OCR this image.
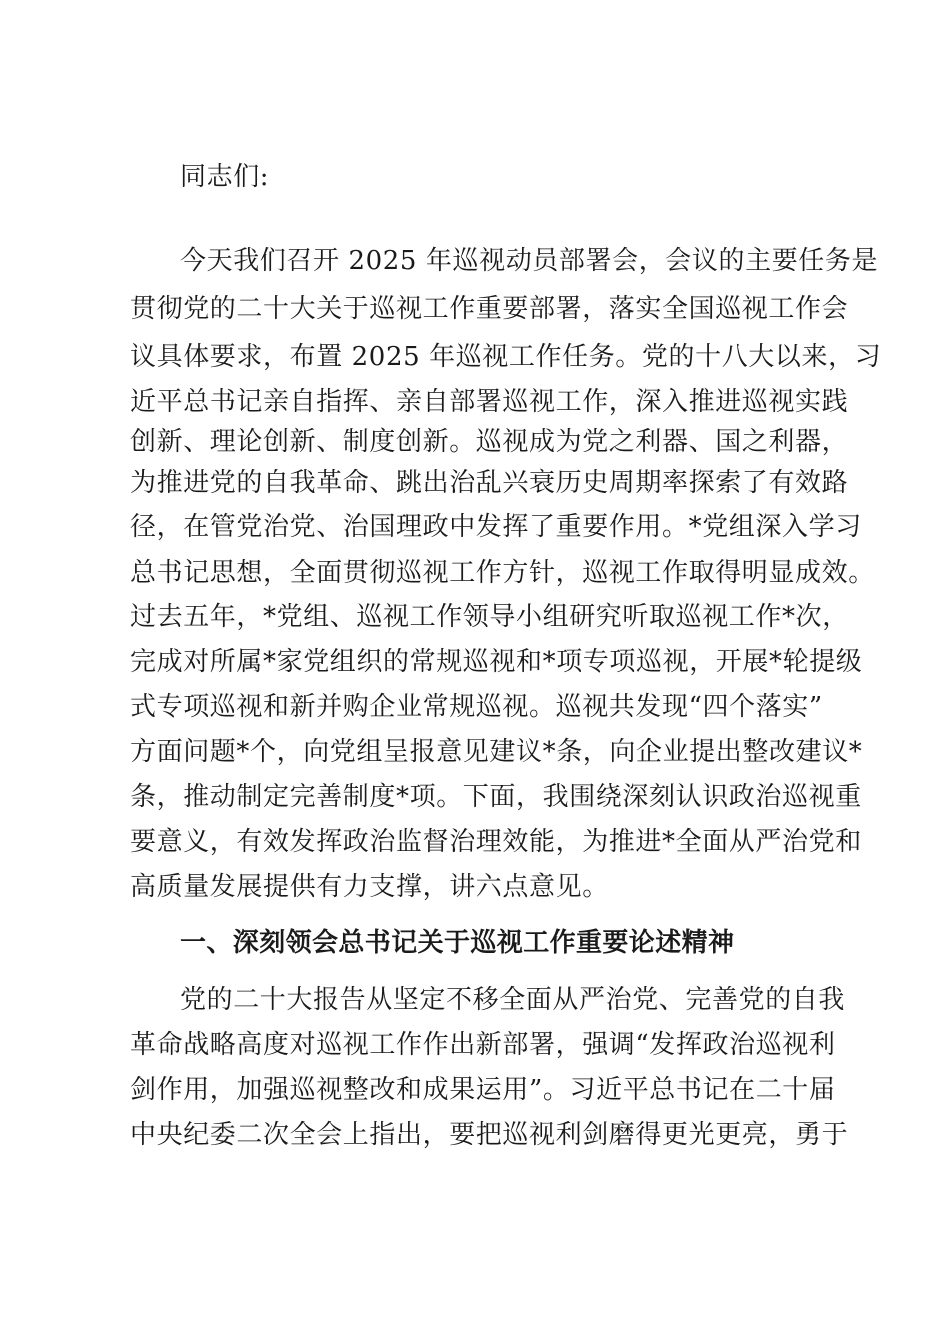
同志们:
今天我们召开 2025 年巡视动员部署会，会议的主要任务是
贯彻党的二十大关于巡视工作重要部署，落实全国巡视工作会
议具体要求，布置 2025 年巡视工作任务。党的十八大以来，习
近平总书记亲自指挥、亲自部署巡视工作，深入推进巡视实践
创新、理论创新、制度创新。巡视成为党之利器、国之利器，
为推进党的自我革命、跳出治乱兴衰历史周期率探索了有效路
径，在管党治党、治国理政中发挥了重要作用。*党组深入学习
总书记思想，全面贯彻巡视工作方针，巡视工作取得明显成效。
过去五年，*党组、巡视工作领导小组研究听取巡视工作*次，
完成对所属*家党组织的常规巡视和*项专项巡视，开展*轮提级
式专项巡视和新并购企业常规巡视。巡视共发现“四个落实”
方面问题*个，向党组呈报意见建议*条，向企业提出整改建议*
条，推动制定完善制度*项。下面，我围绕深刻认识政治巡视重
要意义，有效发挥政治监督治理效能，为推进*全面从严治党和
高质量发展提供有力支撑，讲六点意见。
一、深刻领会总书记关于巡视工作重要论述精神
党的二十大报告从坚定不移全面从严治党、完善党的自我
革命战略高度对巡视工作作出新部署，强调“发挥政治巡视利
剑作用，加强巡视整改和成果运用”。习近平总书记在二十届
中央纪委二次全会上指出，要把巡视利剑磨得更光更亮，勇于
